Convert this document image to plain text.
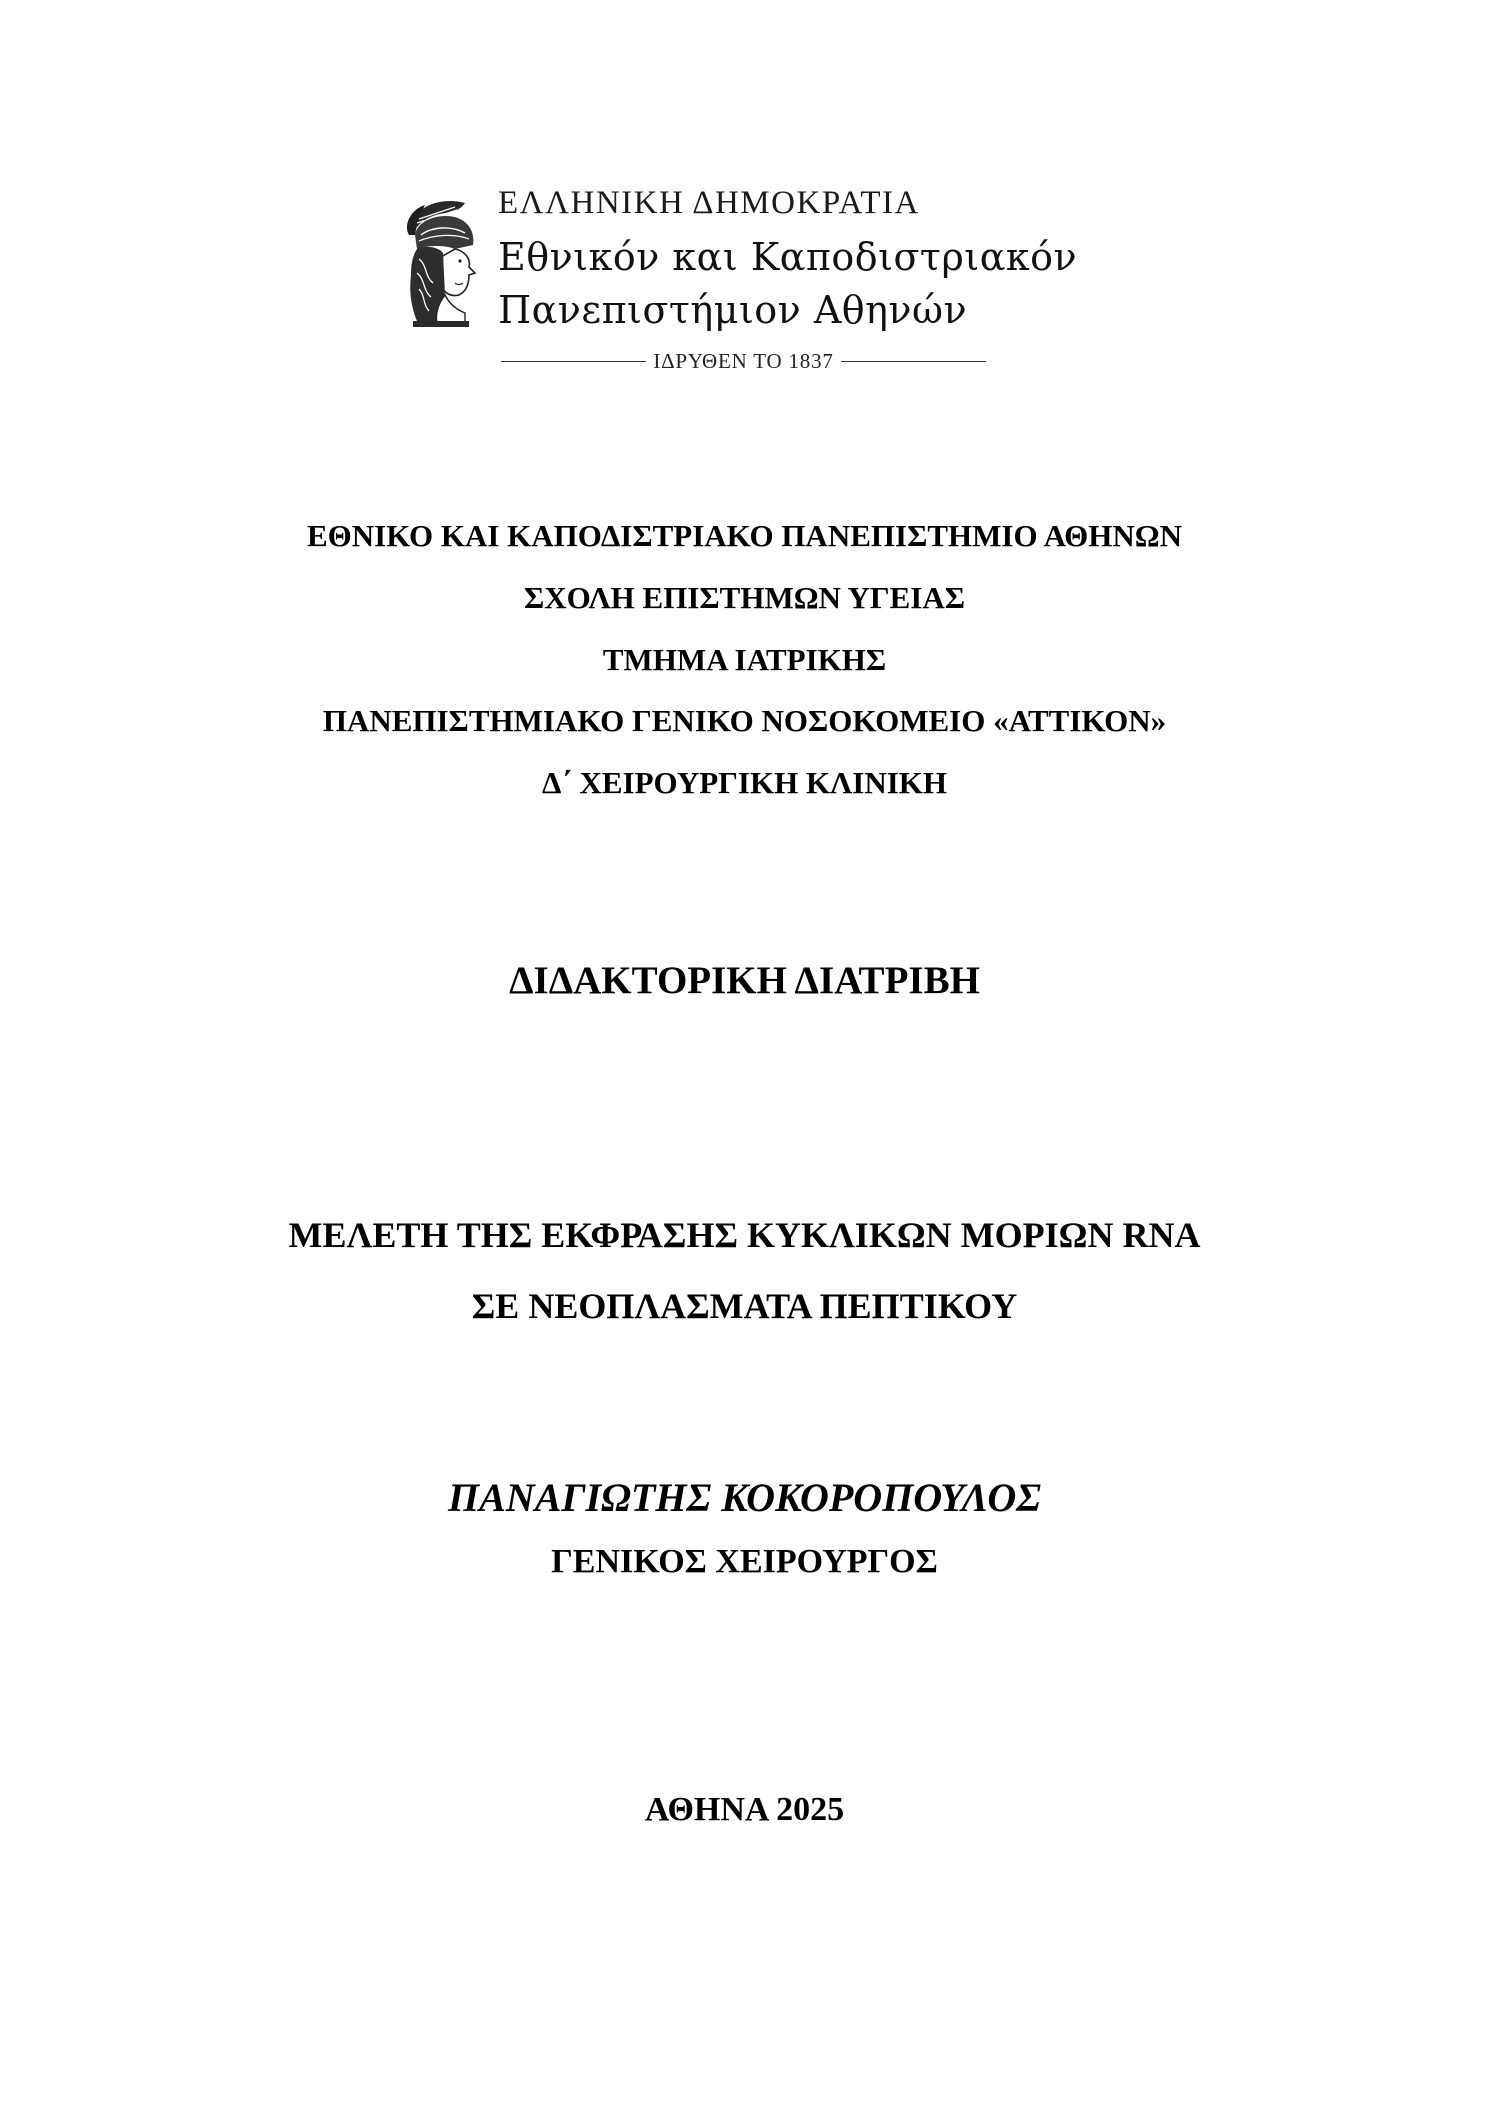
ΕΛΛΗΝΙΚΗ ΔΗΜΟΚΡΑΤΙΑ
Εθνικόν και Καποδιστριακόν
Πανεπιστήμιον Αθηνών
ΙΔΡΥΘΕΝ ΤΟ 1837
ΕΘΝΙΚΟ ΚΑΙ ΚΑΠΟΔΙΣΤΡΙΑΚΟ ΠΑΝΕΠΙΣΤΗΜΙΟ ΑΘΗΝΩΝ
ΣΧΟΛΗ ΕΠΙΣΤΗΜΩΝ ΥΓΕΙΑΣ
ΤΜΗΜΑ ΙΑΤΡΙΚΗΣ
ΠΑΝΕΠΙΣΤΗΜΙΑΚΟ ΓΕΝΙΚΟ ΝΟΣΟΚΟΜΕΙΟ «ΑΤΤΙΚΟΝ»
Δ΄ ΧΕΙΡΟΥΡΓΙΚΗ ΚΛΙΝΙΚΗ
ΔΙΔΑΚΤΟΡΙΚΗ ΔΙΑΤΡΙΒΗ
ΜΕΛΕΤΗ ΤΗΣ ΕΚΦΡΑΣΗΣ ΚΥΚΛΙΚΩΝ ΜΟΡΙΩΝ RNA
ΣΕ ΝΕΟΠΛΑΣΜΑΤΑ ΠΕΠΤΙΚΟΥ
ΠΑΝΑΓΙΩΤΗΣ ΚΟΚΟΡΟΠΟΥΛΟΣ
ΓΕΝΙΚΟΣ ΧΕΙΡΟΥΡΓΟΣ
ΑΘΗΝΑ 2025
